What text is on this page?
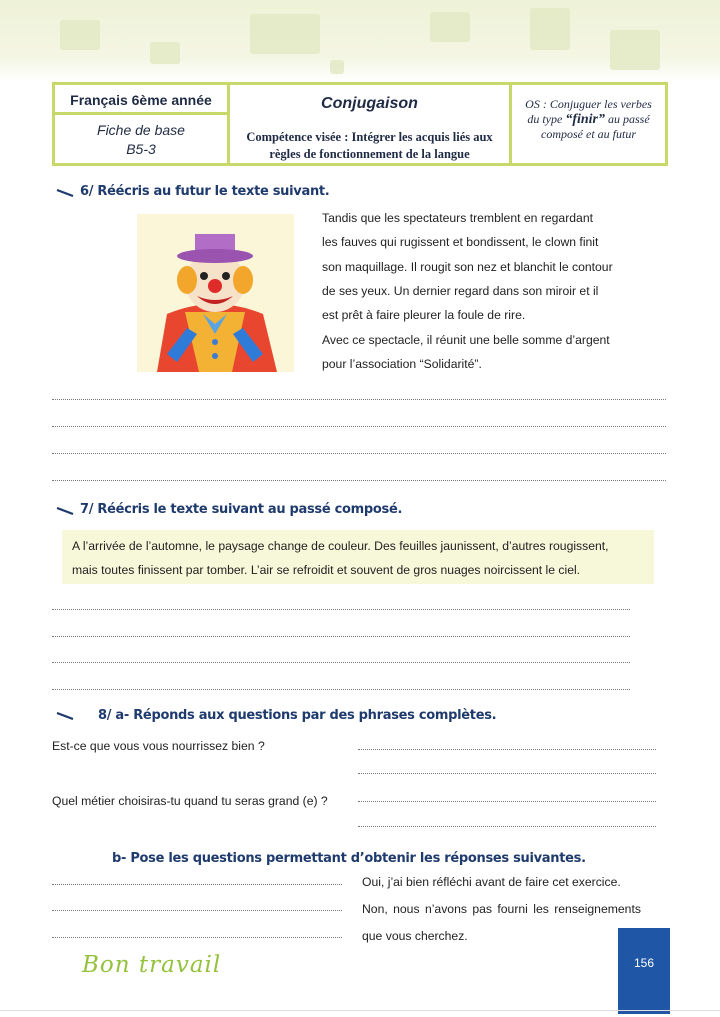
Français 6ème année
Fiche de base
B5-3
Conjugaison
Compétence visée : Intégrer les acquis liés aux règles de fonctionnement de la langue
OS : Conjuguer les verbes
du type “finir” au passé
composé et au futur
6/ Réécris au futur le texte suivant.
Tandis que les spectateurs tremblent en regardant
les fauves qui rugissent et bondissent, le clown finit
son maquillage. Il rougit son nez et blanchit le contour
de ses yeux. Un dernier regard dans son miroir et il
est prêt à faire pleurer la foule de rire.
Avec ce spectacle, il réunit une belle somme d’argent
pour l’association “Solidarité”.
7/ Réécris le texte suivant au passé composé.
A l’arrivée de l’automne, le paysage change de couleur. Des feuilles jaunissent, d’autres rougissent,
mais toutes finissent par tomber. L’air se refroidit et souvent de gros nuages noircissent le ciel.
8/ a- Réponds aux questions par des phrases complètes.
Est-ce que vous vous nourrissez bien ?
Quel métier choisiras-tu quand tu seras grand (e) ?
b- Pose les questions permettant d’obtenir les réponses suivantes.
Oui, j’ai bien réfléchi avant de faire cet exercice.
Non, nous n’avons pas fourni les renseignements
que vous cherchez.
Bon travail	156
